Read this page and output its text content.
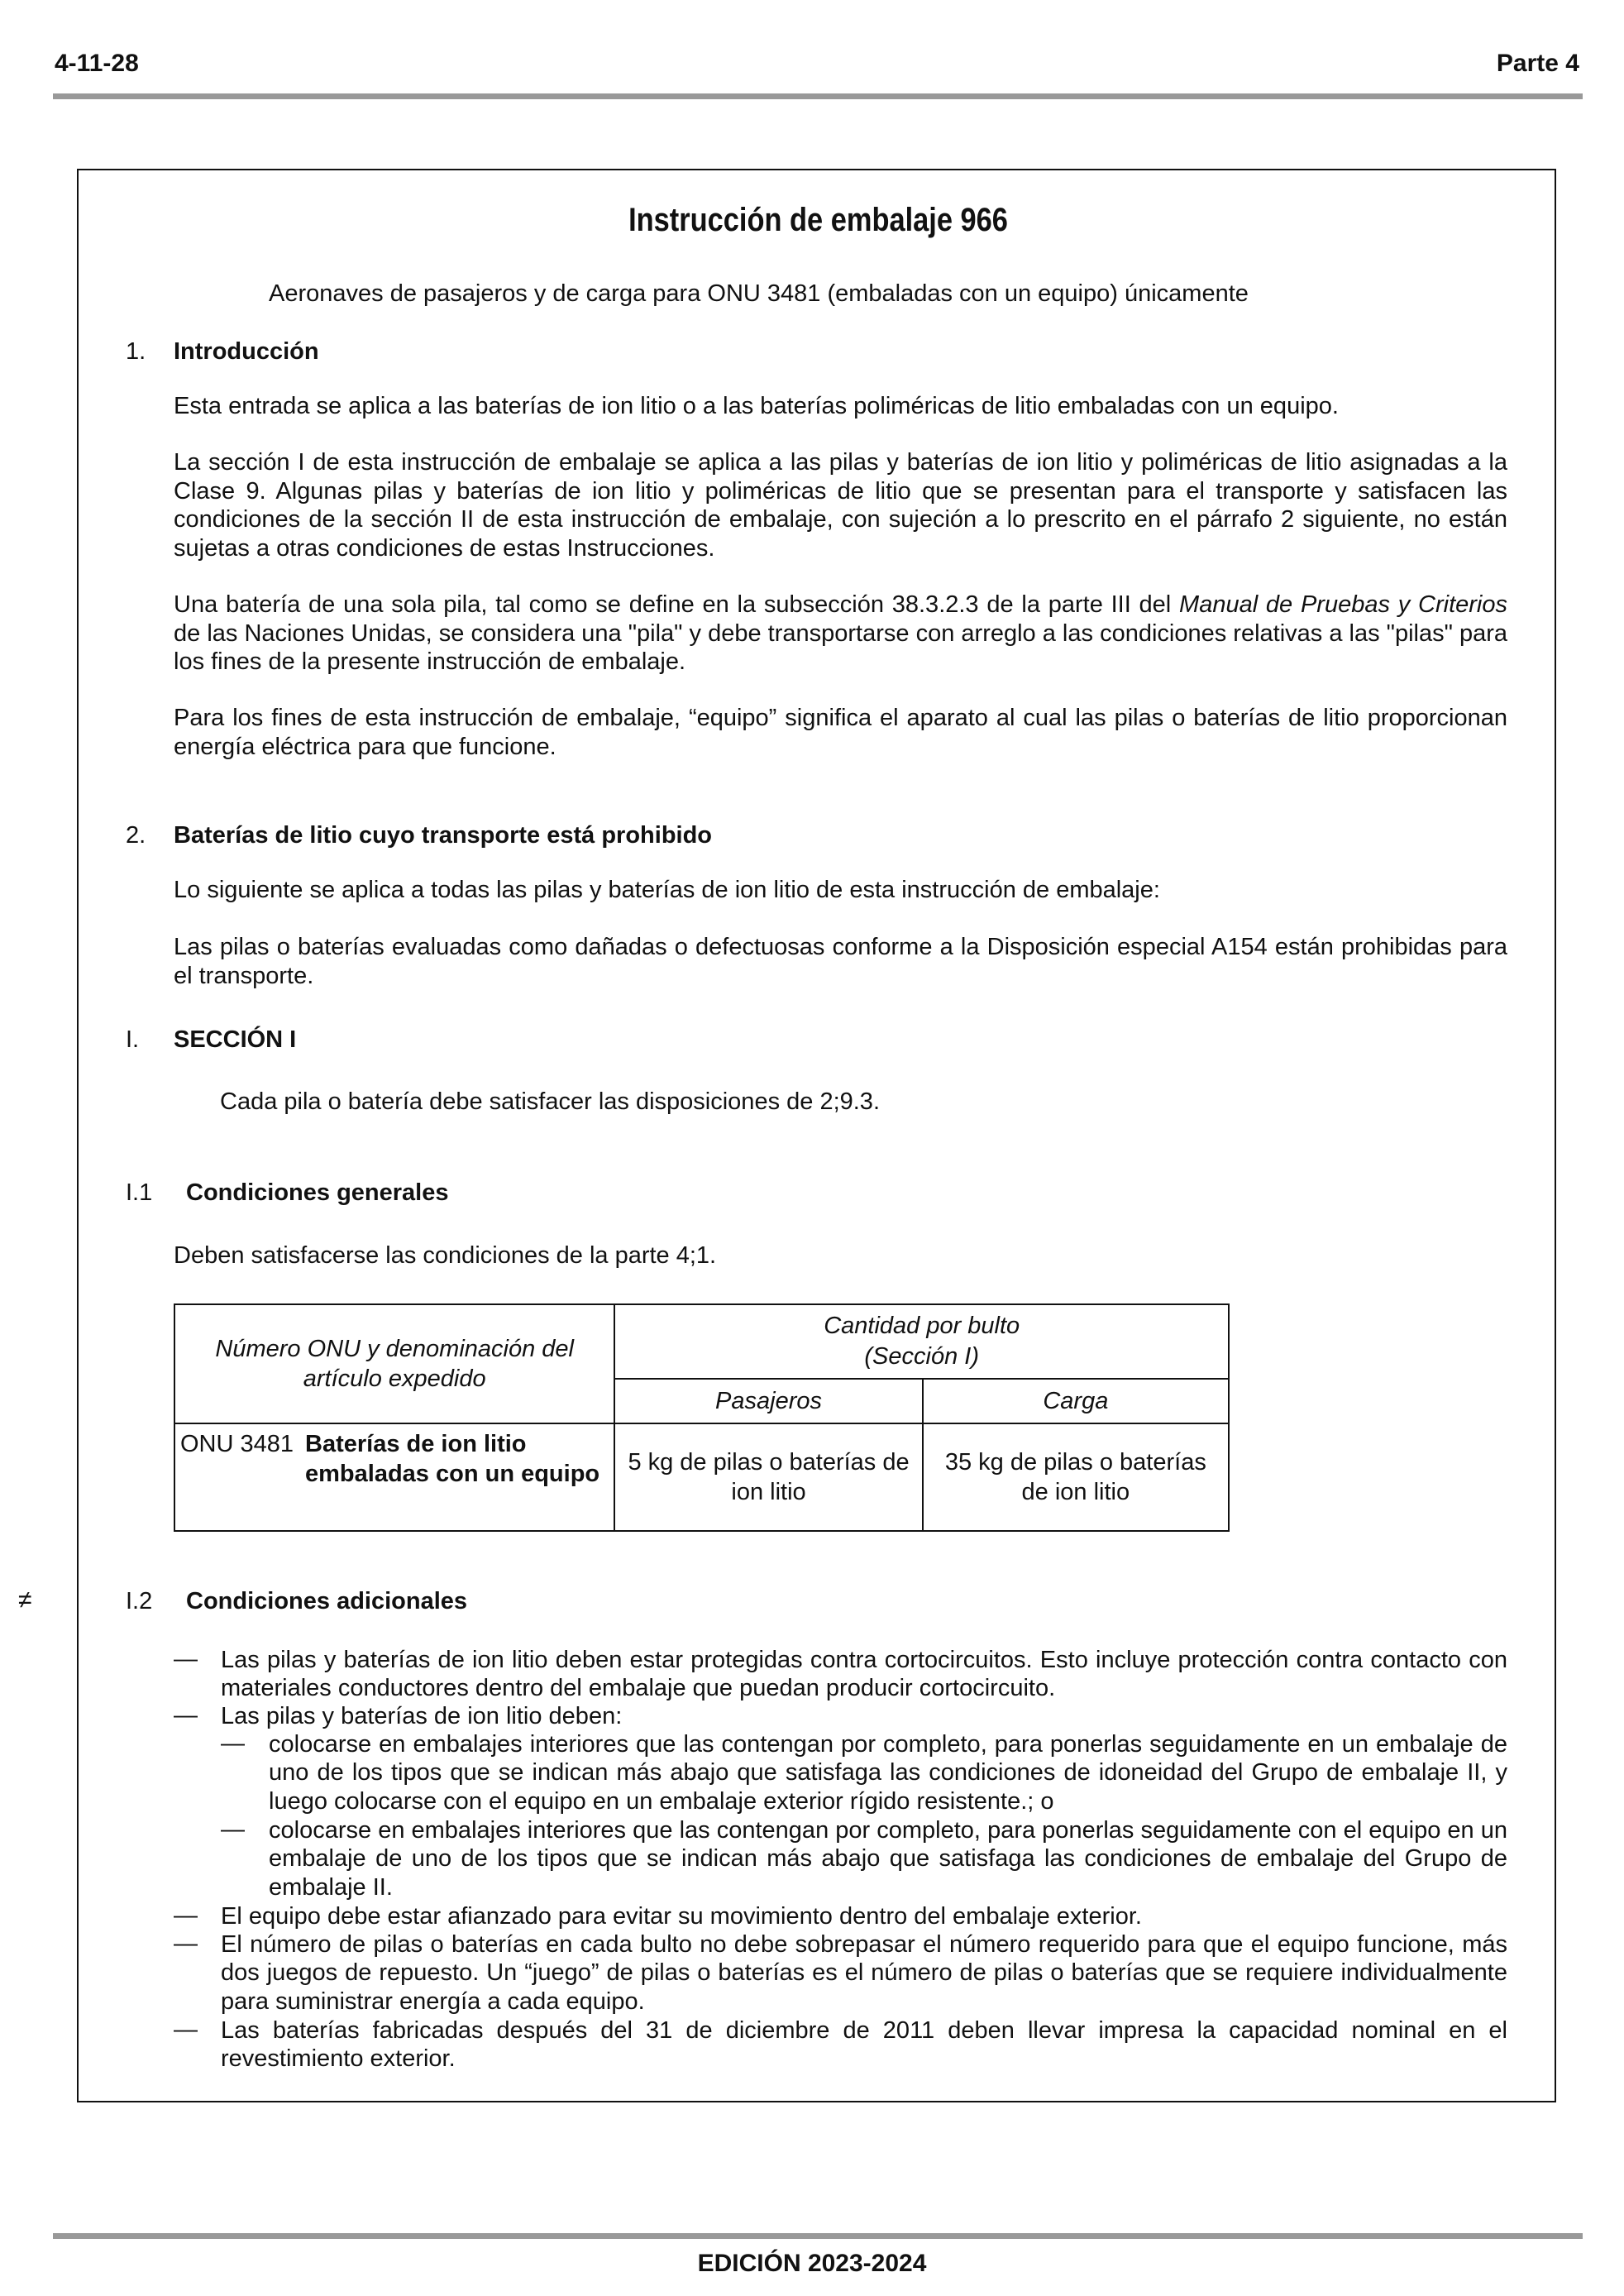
4-11-28	Parte 4
≠
Instrucción de embalaje 966
Aeronaves de pasajeros y de carga para ONU 3481 (embaladas con un equipo) únicamente
1. Introducción
Esta entrada se aplica a las baterías de ion litio o a las baterías poliméricas de litio embaladas con un equipo.
La sección I de esta instrucción de embalaje se aplica a las pilas y baterías de ion litio y poliméricas de litio asignadas a la Clase 9. Algunas pilas y baterías de ion litio y poliméricas de litio que se presentan para el transporte y satisfacen las condiciones de la sección II de esta instrucción de embalaje, con sujeción a lo prescrito en el párrafo 2 siguiente, no están sujetas a otras condiciones de estas Instrucciones.
Una batería de una sola pila, tal como se define en la subsección 38.3.2.3 de la parte III del Manual de Pruebas y Criterios de las Naciones Unidas, se considera una "pila" y debe transportarse con arreglo a las condiciones relativas a las "pilas" para los fines de la presente instrucción de embalaje.
Para los fines de esta instrucción de embalaje, “equipo” significa el aparato al cual las pilas o baterías de litio proporcionan energía eléctrica para que funcione.
2. Baterías de litio cuyo transporte está prohibido
Lo siguiente se aplica a todas las pilas y baterías de ion litio de esta instrucción de embalaje:
Las pilas o baterías evaluadas como dañadas o defectuosas conforme a la Disposición especial A154 están prohibidas para el transporte.
I. SECCIÓN I
Cada pila o batería debe satisfacer las disposiciones de 2;9.3.
I.1 Condiciones generales
Deben satisfacerse las condiciones de la parte 4;1.
Número ONU y denominación del artículo expedido	Cantidad por bulto
(Sección I)	

	Pasajeros	Carga

ONU 3481 Baterías de ion litio embaladas con un equipo	5 kg de pilas o baterías de ion litio	35 kg de pilas o baterías de ion litio
I.2 Condiciones adicionales
— Las pilas y baterías de ion litio deben estar protegidas contra cortocircuitos. Esto incluye protección contra contacto con materiales conductores dentro del embalaje que puedan producir cortocircuito.
— Las pilas y baterías de ion litio deben:
— colocarse en embalajes interiores que las contengan por completo, para ponerlas seguidamente en un embalaje de uno de los tipos que se indican más abajo que satisfaga las condiciones de idoneidad del Grupo de embalaje II, y luego colocarse con el equipo en un embalaje exterior rígido resistente.; o
— colocarse en embalajes interiores que las contengan por completo, para ponerlas seguidamente con el equipo en un embalaje de uno de los tipos que se indican más abajo que satisfaga las condiciones de embalaje del Grupo de embalaje II.
— El equipo debe estar afianzado para evitar su movimiento dentro del embalaje exterior.
— El número de pilas o baterías en cada bulto no debe sobrepasar el número requerido para que el equipo funcione, más dos juegos de repuesto. Un “juego” de pilas o baterías es el número de pilas o baterías que se requiere individualmente para suministrar energía a cada equipo.
— Las baterías fabricadas después del 31 de diciembre de 2011 deben llevar impresa la capacidad nominal en el revestimiento exterior.
EDICIÓN 2023-2024
